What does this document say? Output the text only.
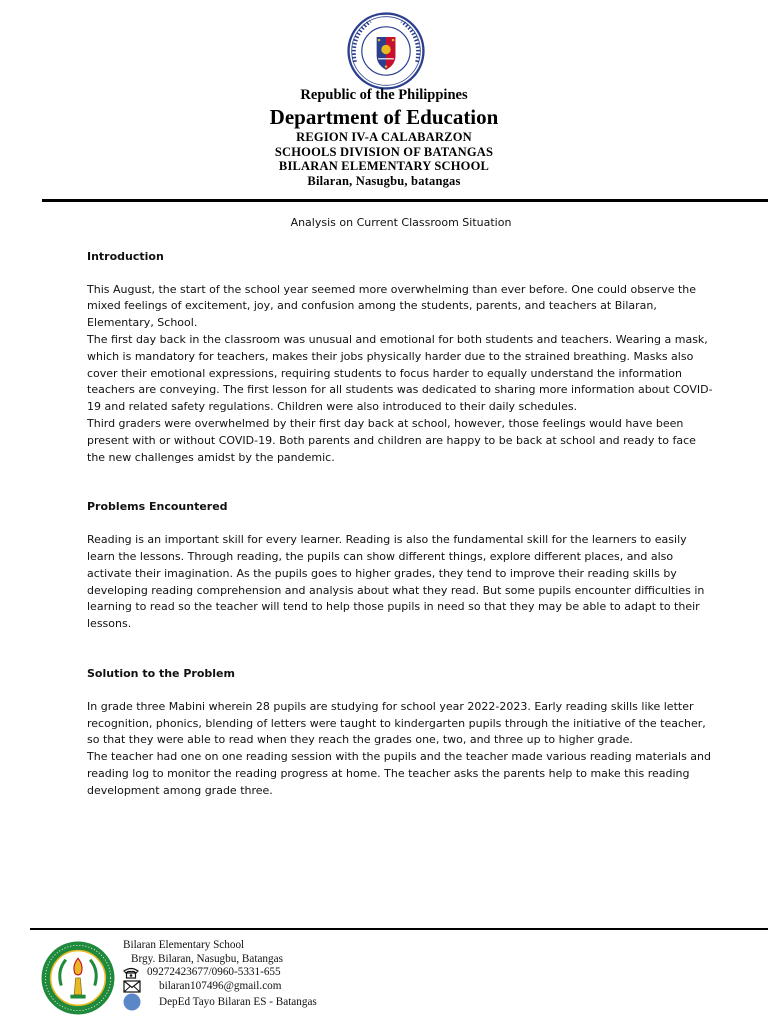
Republic of the Philippines
Department of Education
REGION IV-A CALABARZON
SCHOOLS DIVISION OF BATANGAS
BILARAN ELEMENTARY SCHOOL
Bilaran, Nasugbu, batangas
Analysis on Current Classroom Situation
Introduction

This August, the start of the school year seemed more overwhelming than ever before. One could observe the mixed feelings of excitement, joy, and confusion among the students, parents, and teachers at Bilaran, Elementary, School.

The first day back in the classroom was unusual and emotional for both students and teachers. Wearing a mask, which is mandatory for teachers, makes their jobs physically harder due to the strained breathing. Masks also cover their emotional expressions, requiring students to focus harder to equally understand the information teachers are conveying. The first lesson for all students was dedicated to sharing more information about COVID-19 and related safety regulations. Children were also introduced to their daily schedules.

Third graders were overwhelmed by their first day back at school, however, those feelings would have been present with or without COVID-19. Both parents and children are happy to be back at school and ready to face the new challenges amidst by the pandemic.

Problems Encountered

Reading is an important skill for every learner. Reading is also the fundamental skill for the learners to easily learn the lessons. Through reading, the pupils can show different things, explore different places, and also activate their imagination. As the pupils goes to higher grades, they tend to improve their reading skills by developing reading comprehension and analysis about what they read. But some pupils encounter difficulties in learning to read so the teacher will tend to help those pupils in need so that they may be able to adapt to their lessons.

Solution to the Problem

In grade three Mabini wherein 28 pupils are studying for school year 2022-2023. Early reading skills like letter recognition, phonics, blending of letters were taught to kindergarten pupils through the initiative of the teacher, so that they were able to read when they reach the grades one, two, and three up to higher grade.

The teacher had one on one reading session with the pupils and the teacher made various reading materials and reading log to monitor the reading progress at home. The teacher asks the parents help to make this reading development among grade three.

Bilaran Elementary School
Brgy. Bilaran, Nasugbu, Batangas
09272423677/0960-5331-655
bilaran107496@gmail.com
DepEd Tayo Bilaran ES - Batangas
